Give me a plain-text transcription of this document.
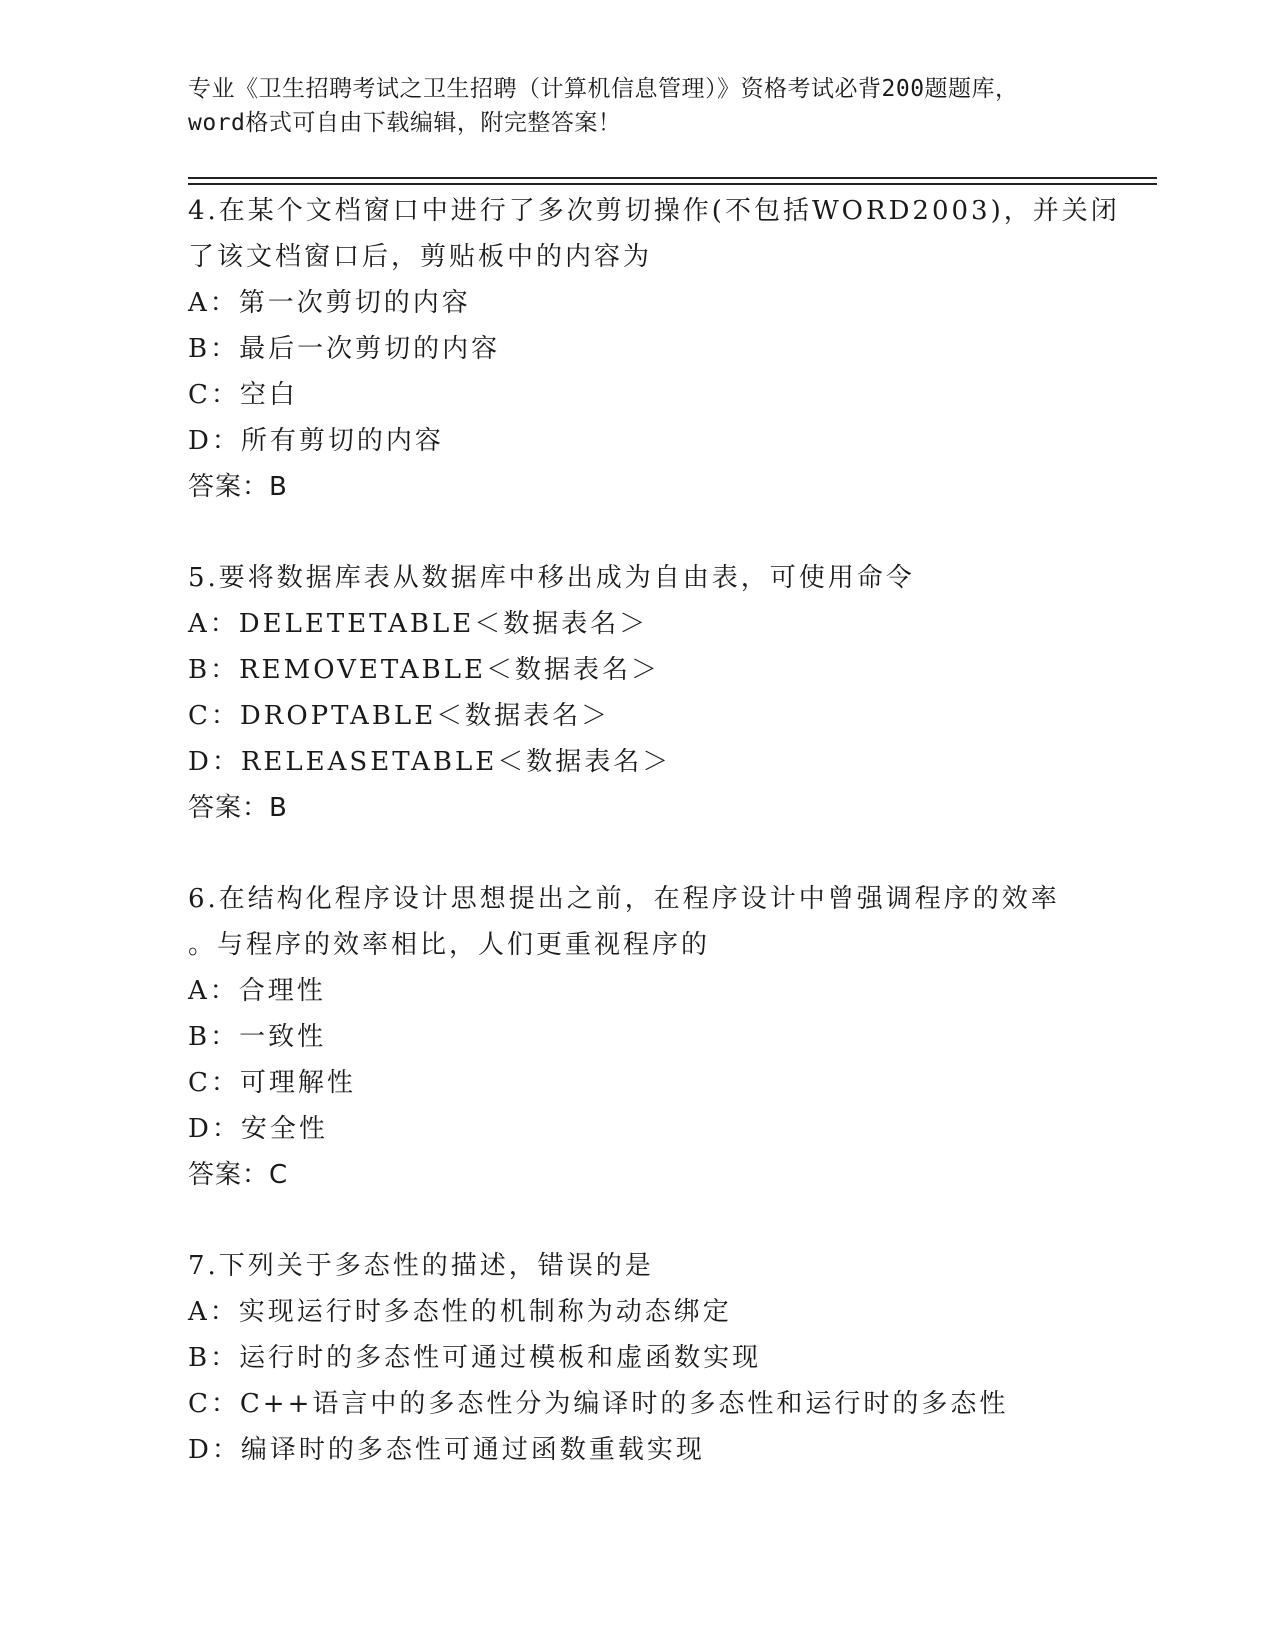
专业《卫生招聘考试之卫生招聘（计算机信息管理）》资格考试必背200题题库，
word格式可自由下载编辑，附完整答案！
4.在某个文档窗口中进行了多次剪切操作(不包括WORD2003)，并关闭
了该文档窗口后，剪贴板中的内容为
A：第一次剪切的内容
B：最后一次剪切的内容
C：空白
D：所有剪切的内容
答案：B
5.要将数据库表从数据库中移出成为自由表，可使用命令
A：DELETETABLE＜数据表名＞
B：REMOVETABLE＜数据表名＞
C：DROPTABLE＜数据表名＞
D：RELEASETABLE＜数据表名＞
答案：B
6.在结构化程序设计思想提出之前，在程序设计中曾强调程序的效率
。与程序的效率相比，人们更重视程序的
A：合理性
B：一致性
C：可理解性
D：安全性
答案：C
7.下列关于多态性的描述，错误的是
A：实现运行时多态性的机制称为动态绑定
B：运行时的多态性可通过模板和虚函数实现
C：C++语言中的多态性分为编译时的多态性和运行时的多态性
D：编译时的多态性可通过函数重载实现
